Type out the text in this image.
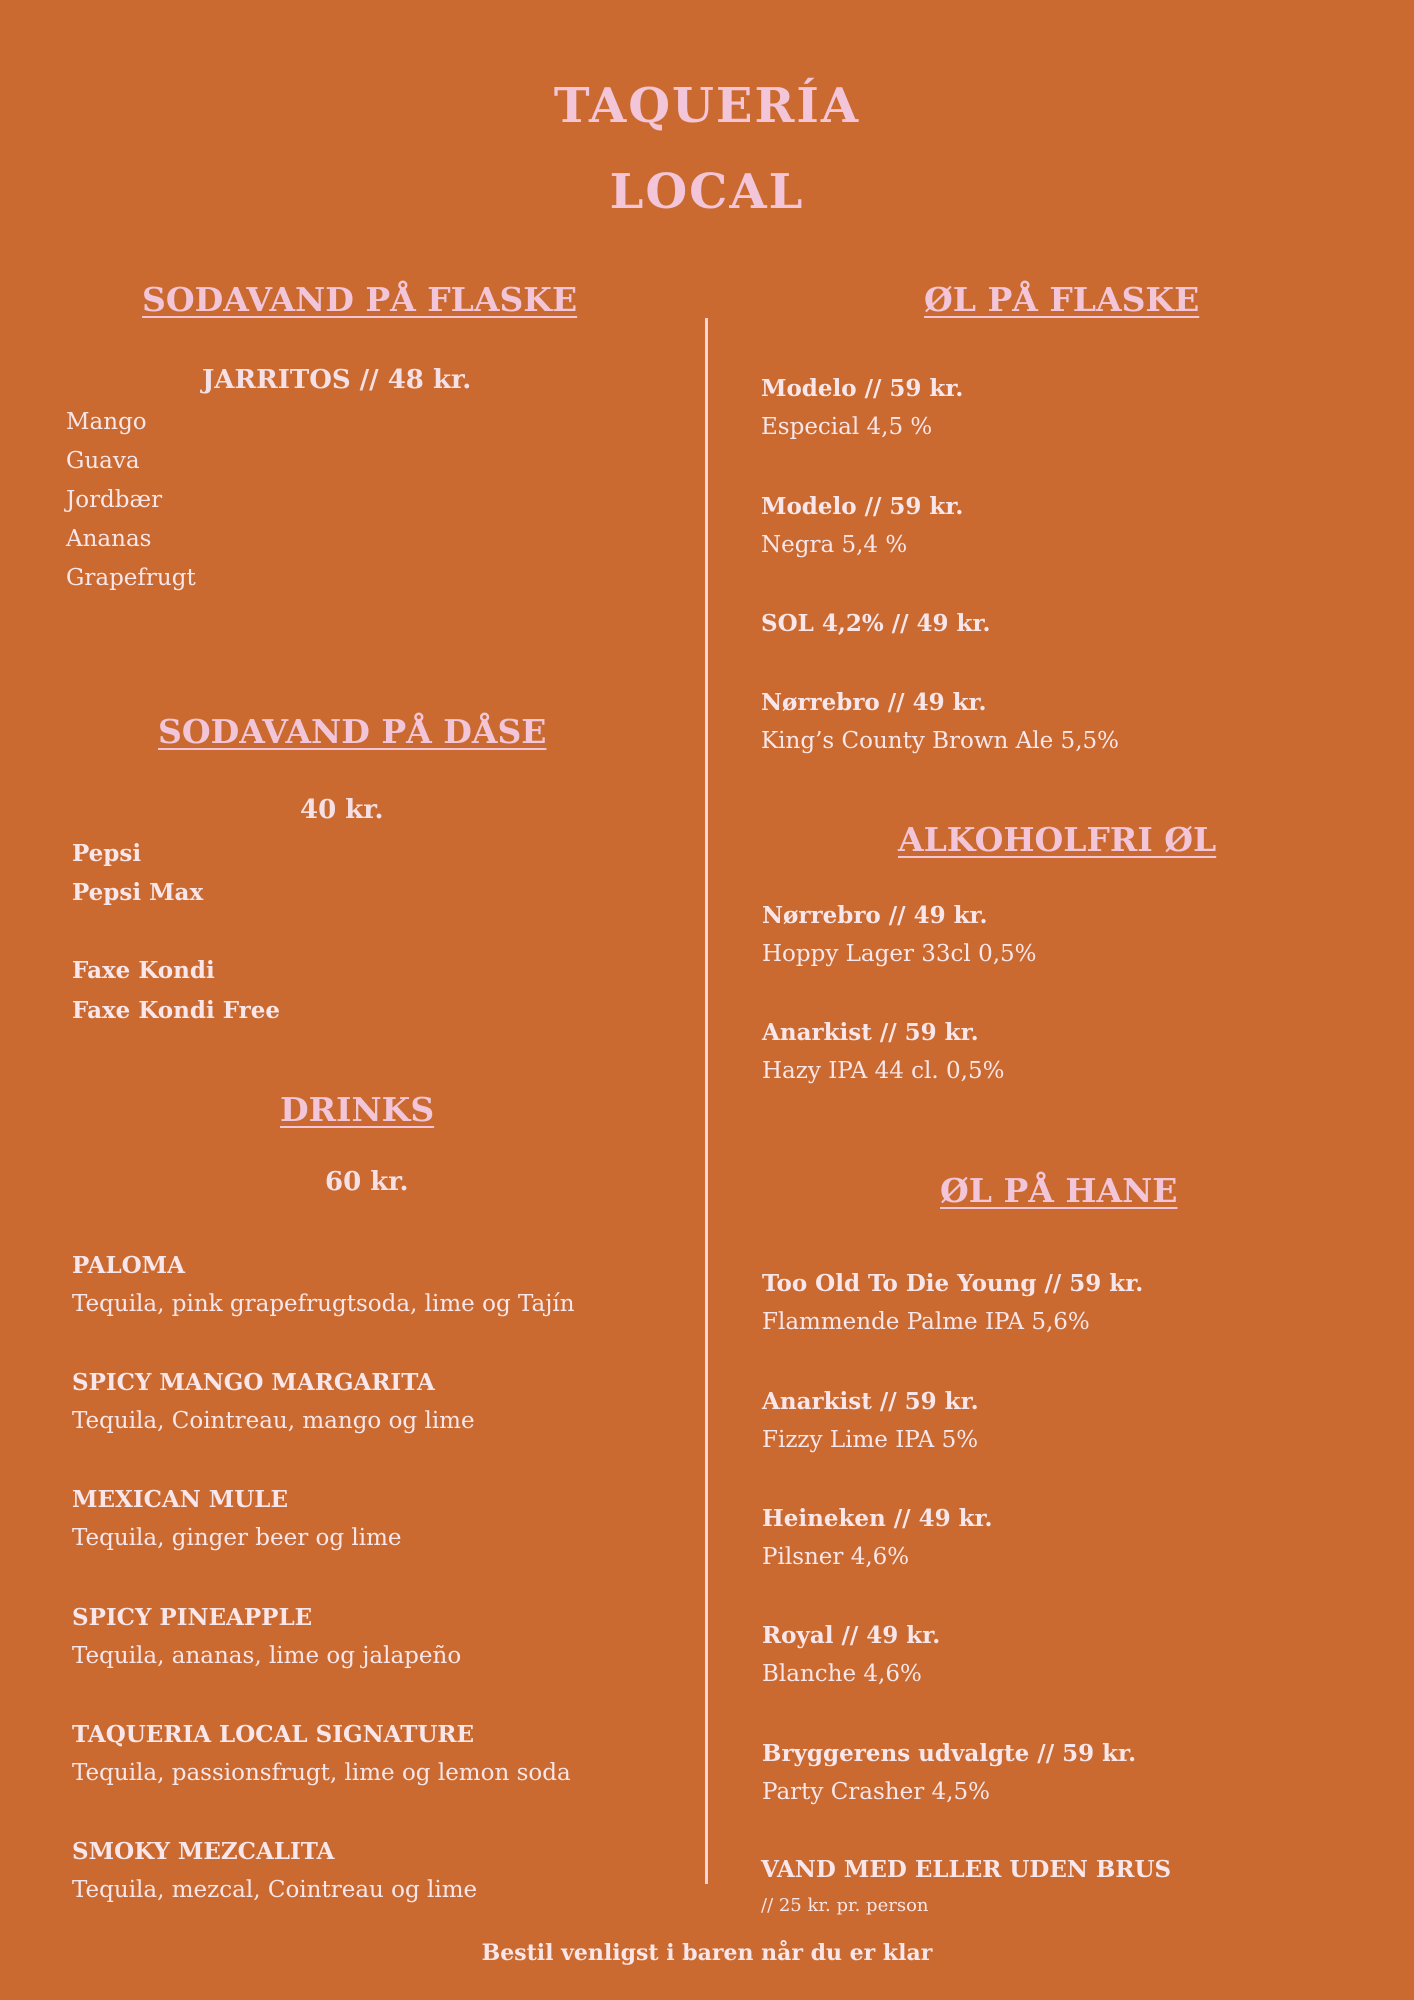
TAQUERÍA
LOCAL
SODAVAND PÅ FLASKE
JARRITOS // 48 kr.
Mango
Guava
Jordbær
Ananas
Grapefrugt
SODAVAND PÅ DÅSE
40 kr.
Pepsi
Pepsi Max
Faxe Kondi
Faxe Kondi Free
DRINKS
60 kr.
PALOMA
Tequila, pink grapefrugtsoda, lime og Tajín
SPICY MANGO MARGARITA
Tequila, Cointreau, mango og lime
MEXICAN MULE
Tequila, ginger beer og lime
SPICY PINEAPPLE
Tequila, ananas, lime og jalapeño
TAQUERIA LOCAL SIGNATURE
Tequila, passionsfrugt, lime og lemon soda
SMOKY MEZCALITA
Tequila, mezcal, Cointreau og lime
ØL PÅ FLASKE
Modelo // 59 kr.
Especial 4,5 %
Modelo // 59 kr.
Negra 5,4 %
SOL 4,2% // 49 kr.
Nørrebro // 49 kr.
King’s County Brown Ale 5,5%
ALKOHOLFRI ØL
Nørrebro // 49 kr.
Hoppy Lager 33cl 0,5%
Anarkist // 59 kr.
Hazy IPA 44 cl. 0,5%
ØL PÅ HANE
Too Old To Die Young // 59 kr.
Flammende Palme IPA 5,6%
Anarkist // 59 kr.
Fizzy Lime IPA 5%
Heineken // 49 kr.
Pilsner 4,6%
Royal // 49 kr.
Blanche 4,6%
Bryggerens udvalgte // 59 kr.
Party Crasher 4,5%
VAND MED ELLER UDEN BRUS
// 25 kr. pr. person
Bestil venligst i baren når du er klar
